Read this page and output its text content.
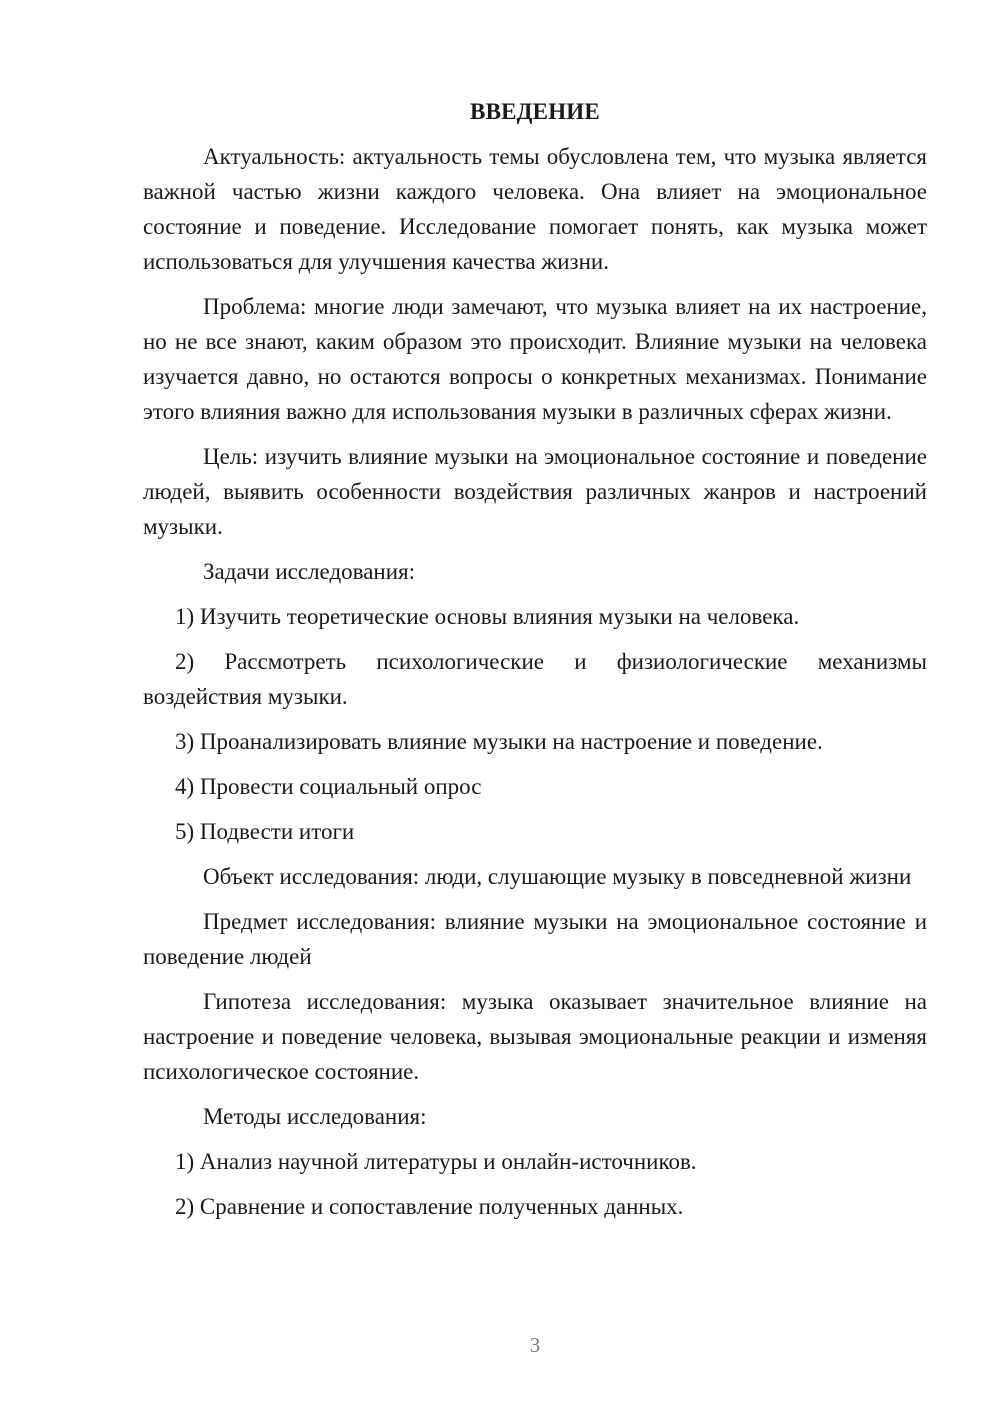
ВВЕДЕНИЕ
Актуальность: актуальность темы обусловлена тем, что музыка является важной частью жизни каждого человека. Она влияет на эмоциональное состояние и поведение. Исследование помогает понять, как музыка может использоваться для улучшения качества жизни.
Проблема: многие люди замечают, что музыка влияет на их настроение, но не все знают, каким образом это происходит. Влияние музыки на человека изучается давно, но остаются вопросы о конкретных механизмах. Понимание этого влияния важно для использования музыки в различных сферах жизни.
Цель: изучить влияние музыки на эмоциональное состояние и поведение людей, выявить особенности воздействия различных жанров и настроений музыки.
Задачи исследования:
1) Изучить теоретические основы влияния музыки на человека.
2) Рассмотреть психологические и физиологические механизмы воздействия музыки.
3) Проанализировать влияние музыки на настроение и поведение.
4) Провести социальный опрос
5) Подвести итоги
Объект исследования: люди, слушающие музыку в повседневной жизни
Предмет исследования: влияние музыки на эмоциональное состояние и поведение людей
Гипотеза исследования: музыка оказывает значительное влияние на настроение и поведение человека, вызывая эмоциональные реакции и изменяя психологическое состояние.
Методы исследования:
1) Анализ научной литературы и онлайн-источников.
2) Сравнение и сопоставление полученных данных.
3
